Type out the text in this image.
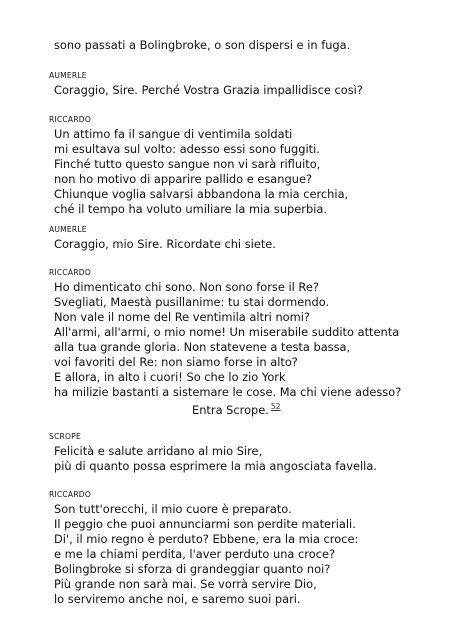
sono passati a Bolingbroke, o son dispersi e in fuga.
AUMERLE
Coraggio, Sire. Perché Vostra Grazia impallidisce così?
RICCARDO
Un attimo fa il sangue di ventimila soldati
mi esultava sul volto: adesso essi sono fuggiti.
Finché tutto questo sangue non vi sarà rifluito,
non ho motivo di apparire pallido e esangue?
Chiunque voglia salvarsi abbandona la mia cerchia,
ché il tempo ha voluto umiliare la mia superbia.
AUMERLE
Coraggio, mio Sire. Ricordate chi siete.
RICCARDO
Ho dimenticato chi sono. Non sono forse il Re?
Svegliati, Maestà pusillanime: tu stai dormendo.
Non vale il nome del Re ventimila altri nomi?
All'armi, all'armi, o mio nome! Un miserabile suddito attenta
alla tua grande gloria. Non statevene a testa bassa,
voi favoriti del Re: non siamo forse in alto?
E allora, in alto i cuori! So che lo zio York
ha milizie bastanti a sistemare le cose. Ma chi viene adesso?
Entra Scrope. $^{52}$
SCROPE
Felicità e salute arridano al mio Sire,
più di quanto possa esprimere la mia angosciata favella.
RICCARDO
Son tutt'orecchi, il mio cuore è preparato.
Il peggio che puoi annunciarmi son perdite materiali.
Di', il mio regno è perduto? Ebbene, era la mia croce:
e me la chiami perdita, l'aver perduto una croce?
Bolingbroke si sforza di grandeggiar quanto noi?
Più grande non sarà mai. Se vorrà servire Dio,
lo serviremo anche noi, e saremo suoi pari.
